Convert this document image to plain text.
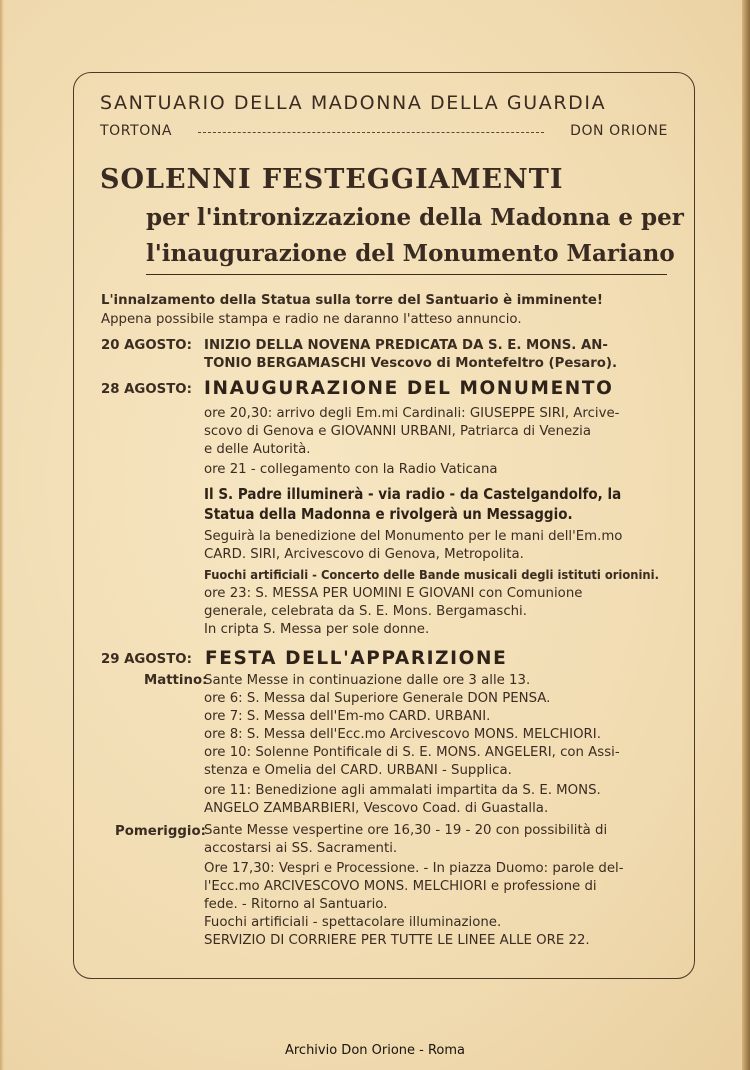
SANTUARIO DELLA MADONNA DELLA GUARDIA
TORTONA	DON ORIONE
SOLENNI FESTEGGIAMENTI
per l'intronizzazione della Madonna e per
l'inaugurazione del Monumento Mariano
L'innalzamento della Statua sulla torre del Santuario è imminente!
Appena possibile stampa e radio ne daranno l'atteso annuncio.
20 AGOSTO: INIZIO DELLA NOVENA PREDICATA DA S. E. MONS. AN-
TONIO BERGAMASCHI Vescovo di Montefeltro (Pesaro).
28 AGOSTO: INAUGURAZIONE DEL MONUMENTO
ore 20,30: arrivo degli Em.mi Cardinali: GIUSEPPE SIRI, Arcive-
scovo di Genova e GIOVANNI URBANI, Patriarca di Venezia
e delle Autorità.
ore 21 - collegamento con la Radio Vaticana
Il S. Padre illuminerà - via radio - da Castelgandolfo, la
Statua della Madonna e rivolgerà un Messaggio.
Seguirà la benedizione del Monumento per le mani dell'Em.mo
CARD. SIRI, Arcivescovo di Genova, Metropolita.
Fuochi artificiali - Concerto delle Bande musicali degli istituti orionini.
ore 23: S. MESSA PER UOMINI E GIOVANI con Comunione
generale, celebrata da S. E. Mons. Bergamaschi.
In cripta S. Messa per sole donne.
29 AGOSTO: FESTA DELL'APPARIZIONE
Mattino:
Sante Messe in continuazione dalle ore 3 alle 13.
ore 6: S. Messa dal Superiore Generale DON PENSA.
ore 7: S. Messa dell'Em-mo CARD. URBANI.
ore 8: S. Messa dell'Ecc.mo Arcivescovo MONS. MELCHIORI.
ore 10: Solenne Pontificale di S. E. MONS. ANGELERI, con Assi-
stenza e Omelia del CARD. URBANI - Supplica.
ore 11: Benedizione agli ammalati impartita da S. E. MONS.
ANGELO ZAMBARBIERI, Vescovo Coad. di Guastalla.
Pomeriggio:
Sante Messe vespertine ore 16,30 - 19 - 20 con possibilità di
accostarsi ai SS. Sacramenti.
Ore 17,30: Vespri e Processione. - In piazza Duomo: parole del-
l'Ecc.mo ARCIVESCOVO MONS. MELCHIORI e professione di
fede. - Ritorno al Santuario.
Fuochi artificiali - spettacolare illuminazione.
SERVIZIO DI CORRIERE PER TUTTE LE LINEE ALLE ORE 22.
Archivio Don Orione - Roma
